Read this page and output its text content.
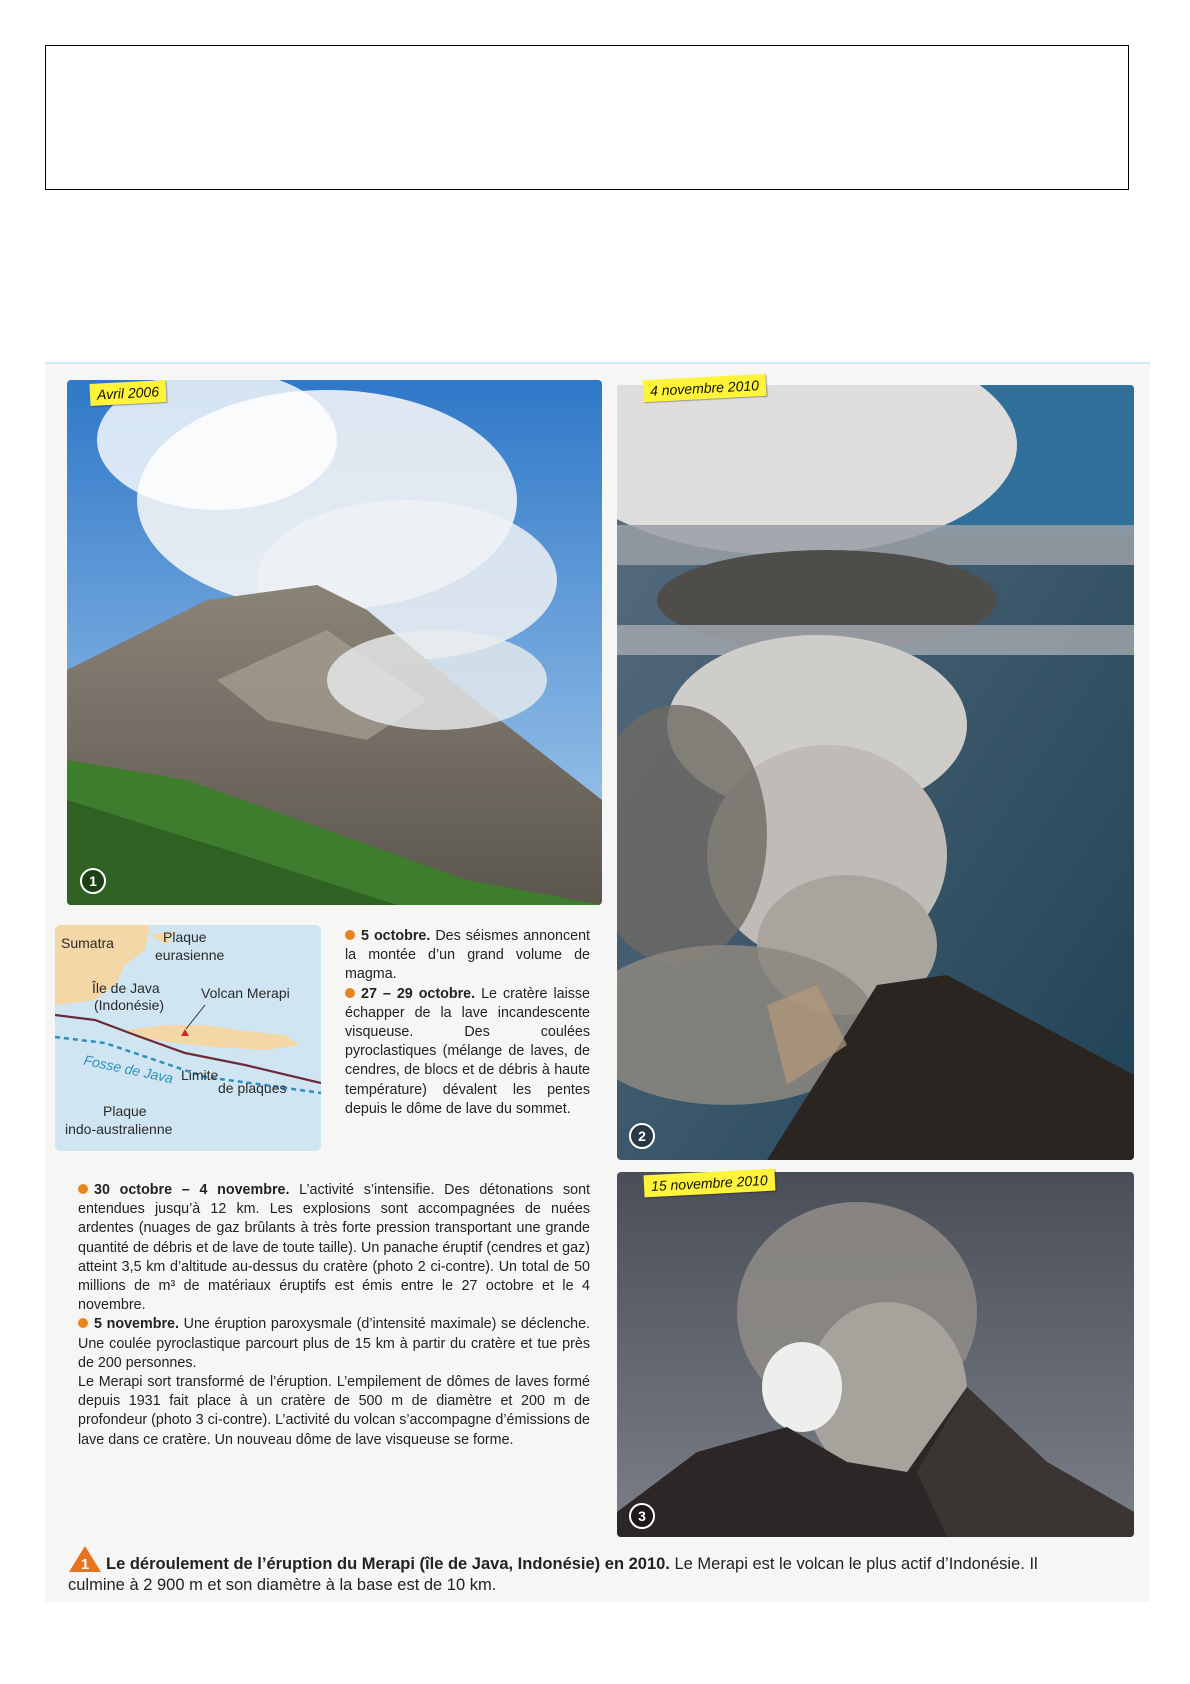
Avril 2006
1
4 novembre 2010
2
15 novembre 2010
3
Sumatra	Plaque
eurasienne
Île de Java
(Indonésie)
Volcan Merapi
Fosse de Java Limite
de plaques
Plaque
indo-australienne

5 octobre. Des séismes annoncent la montée d’un grand volume de magma.

27 – 29 octobre. Le cratère laisse échapper de la lave incandescente visqueuse. Des coulées pyroclastiques (mélange de laves, de cendres, de blocs et de débris à haute température) dévalent les pentes depuis le dôme de lave du sommet.

30 octobre – 4 novembre. L’activité s’intensifie. Des détonations sont entendues jusqu’à 12 km. Les explosions sont accompagnées de nuées ardentes (nuages de gaz brûlants à très forte pression transportant une grande quantité de débris et de lave de toute taille). Un panache éruptif (cendres et gaz) atteint 3,5 km d’altitude au-dessus du cratère (photo 2 ci-contre). Un total de 50 millions de m³ de matériaux éruptifs est émis entre le 27 octobre et le 4 novembre.

5 novembre. Une éruption paroxysmale (d’intensité maximale) se déclenche. Une coulée pyroclastique parcourt plus de 15 km à partir du cratère et tue près de 200 personnes.

Le Merapi sort transformé de l’éruption. L’empilement de dômes de laves formé depuis 1931 fait place à un cratère de 500 m de diamètre et 200 m de profondeur (photo 3 ci-contre). L’activité du volcan s’accompagne d’émissions de lave dans ce cratère. Un nouveau dôme de lave visqueuse se forme.

1 Le déroulement de l’éruption du Merapi (île de Java, Indonésie) en 2010. Le Merapi est le volcan le plus actif d’Indonésie. Il culmine à 2 900 m et son diamètre à la base est de 10 km.
